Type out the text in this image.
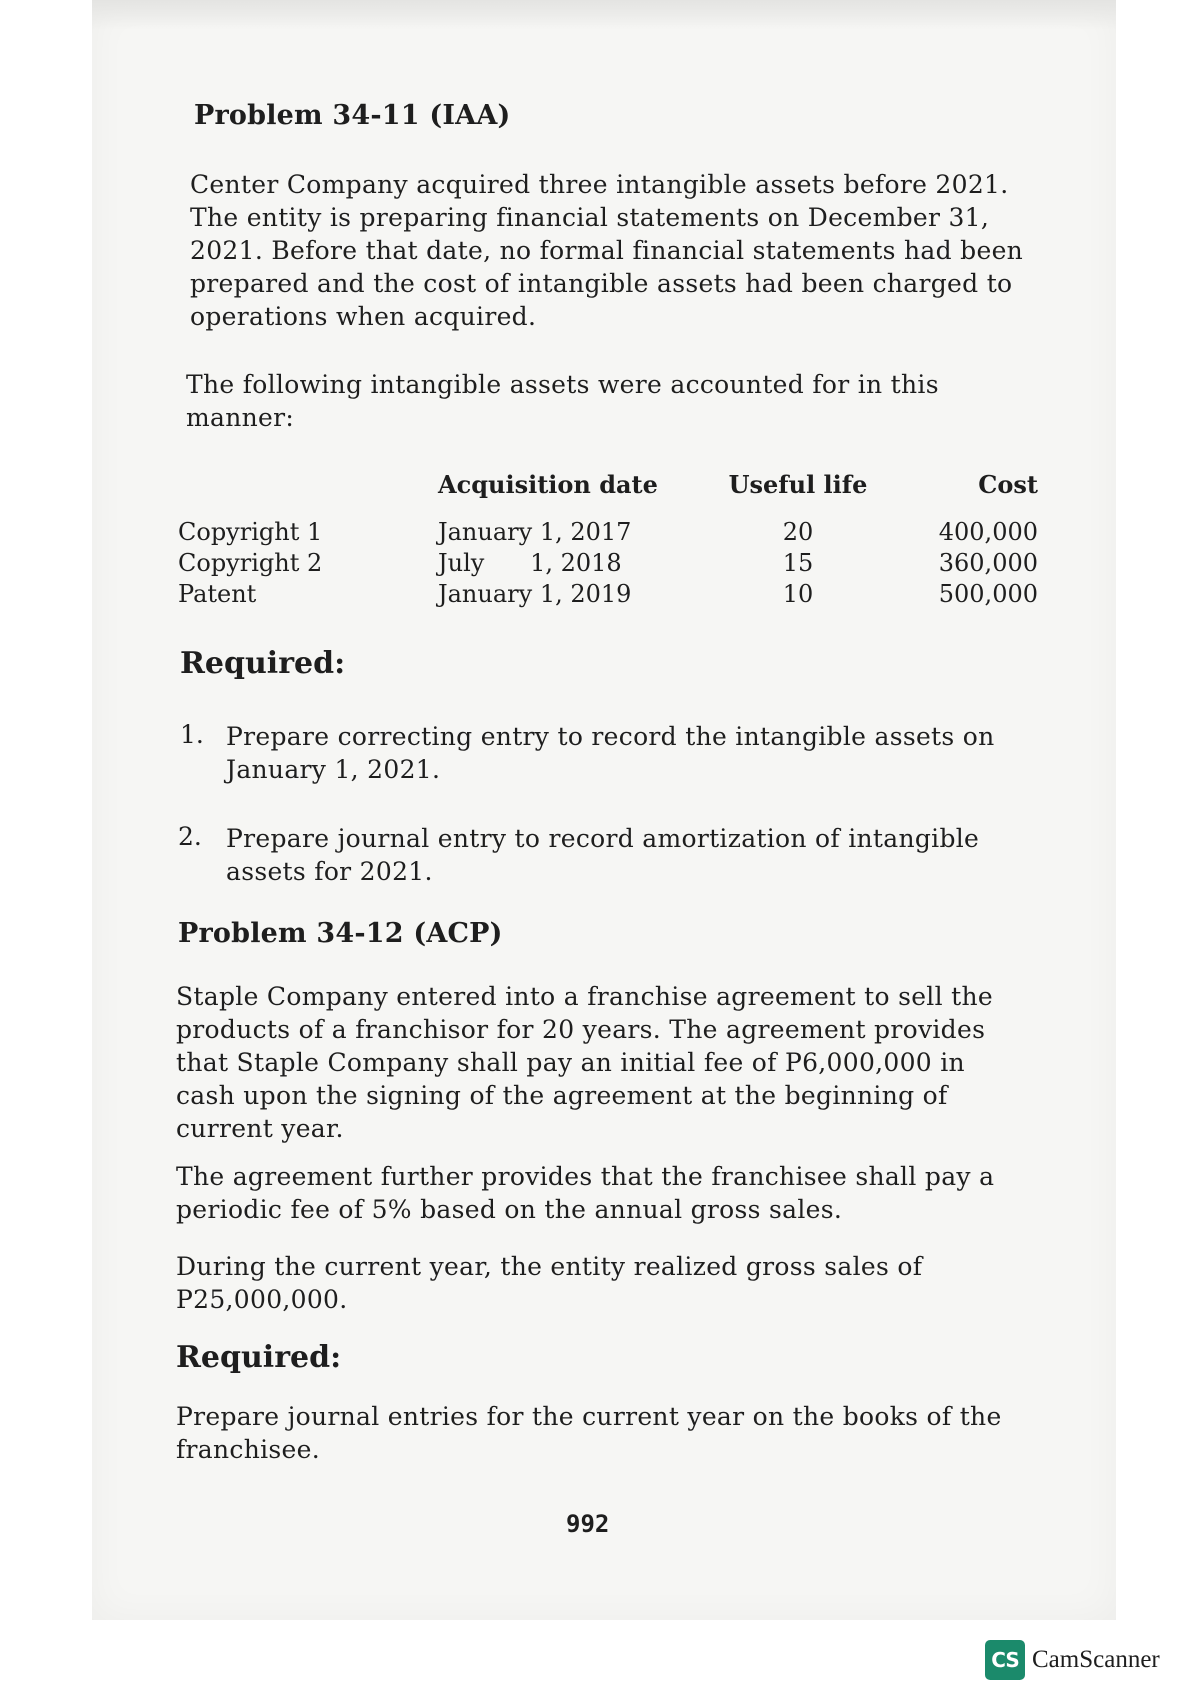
Problem 34-11 (IAA)

Center Company acquired three intangible assets before 2021. The entity is preparing financial statements on December 31, 2021. Before that date, no formal financial statements had been prepared and the cost of intangible assets had been charged to operations when acquired.

The following intangible assets were accounted for in this manner:

	Acquisition date	Useful life	Cost
Copyright 1	January 1, 2017	20	400,000
Copyright 2	July 1, 2018	15	360,000
Patent	January 1, 2019	10	500,000
Required:
1. Prepare correcting entry to record the intangible assets on January 1, 2021.

2. Prepare journal entry to record amortization of intangible assets for 2021.

Problem 34-12 (ACP)

Staple Company entered into a franchise agreement to sell the products of a franchisor for 20 years. The agreement provides that Staple Company shall pay an initial fee of P6,000,000 in cash upon the signing of the agreement at the beginning of current year.

The agreement further provides that the franchisee shall pay a periodic fee of 5% based on the annual gross sales.

During the current year, the entity realized gross sales of P25,000,000.

Required:

Prepare journal entries for the current year on the books of the franchisee.

992
CS CamScanner
